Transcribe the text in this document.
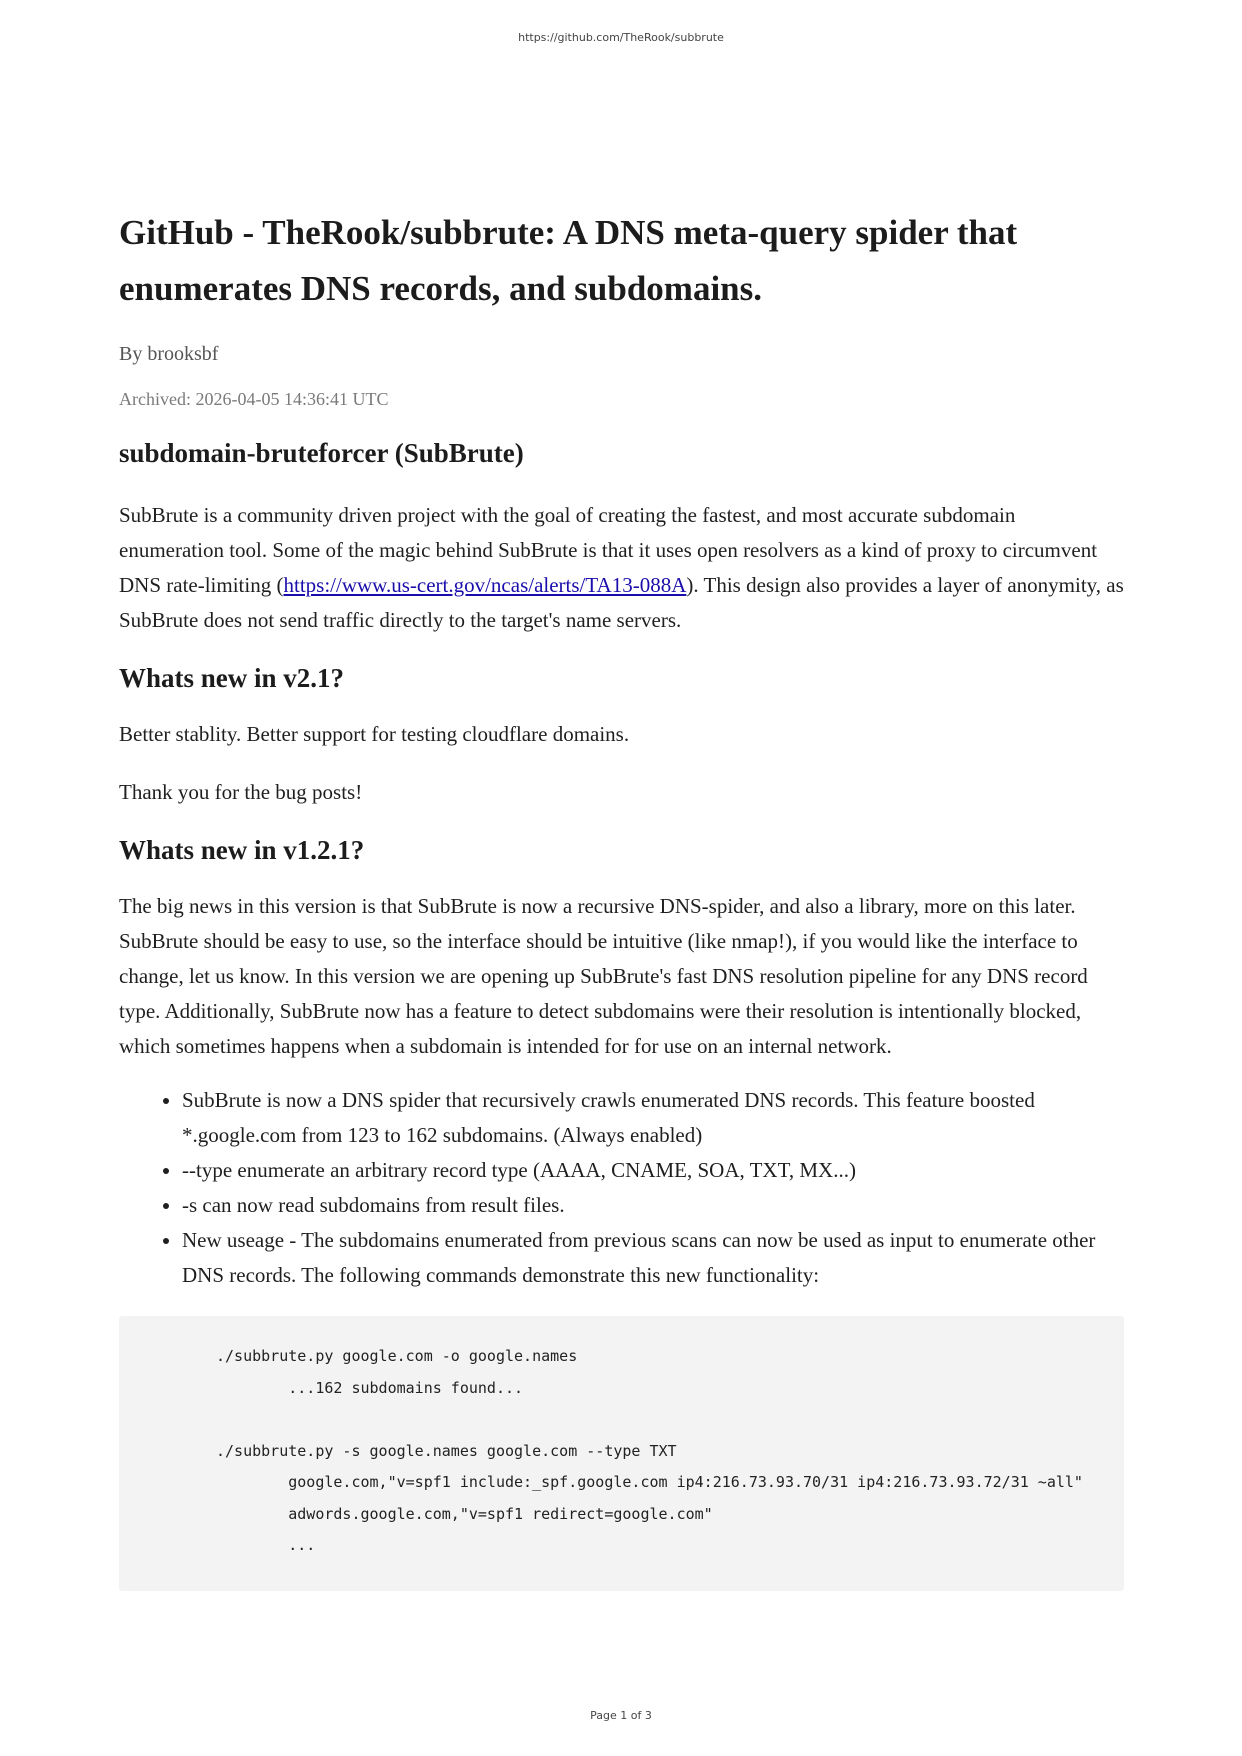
https://github.com/TheRook/subbrute
GitHub - TheRook/subbrute: A DNS meta-query spider that enumerates DNS records, and subdomains.
By brooksbf
Archived: 2026-04-05 14:36:41 UTC
subdomain-bruteforcer (SubBrute)

SubBrute is a community driven project with the goal of creating the fastest, and most accurate subdomain enumeration tool. Some of the magic behind SubBrute is that it uses open resolvers as a kind of proxy to circumvent DNS rate-limiting (https://www.us-cert.gov/ncas/alerts/TA13-088A). This design also provides a layer of anonymity, as SubBrute does not send traffic directly to the target's name servers.

Whats new in v2.1?

Better stablity. Better support for testing cloudflare domains.

Thank you for the bug posts!

Whats new in v1.2.1?

The big news in this version is that SubBrute is now a recursive DNS-spider, and also a library, more on this later. SubBrute should be easy to use, so the interface should be intuitive (like nmap!), if you would like the interface to change, let us know. In this version we are opening up SubBrute's fast DNS resolution pipeline for any DNS record type. Additionally, SubBrute now has a feature to detect subdomains were their resolution is intentionally blocked, which sometimes happens when a subdomain is intended for for use on an internal network.

• SubBrute is now a DNS spider that recursively crawls enumerated DNS records. This feature boosted *.google.com from 123 to 162 subdomains. (Always enabled)
• --type enumerate an arbitrary record type (AAAA, CNAME, SOA, TXT, MX...)
• -s can now read subdomains from result files.
• New useage - The subdomains enumerated from previous scans can now be used as input to enumerate other DNS records. The following commands demonstrate this new functionality:
./subbrute.py google.com -o google.names
...162 subdomains found...

./subbrute.py -s google.names google.com --type TXT
google.com,"v=spf1 include:_spf.google.com ip4:216.73.93.70/31 ip4:216.73.93.72/31 ~all"
adwords.google.com,"v=spf1 redirect=google.com"
...
Page 1 of 3
